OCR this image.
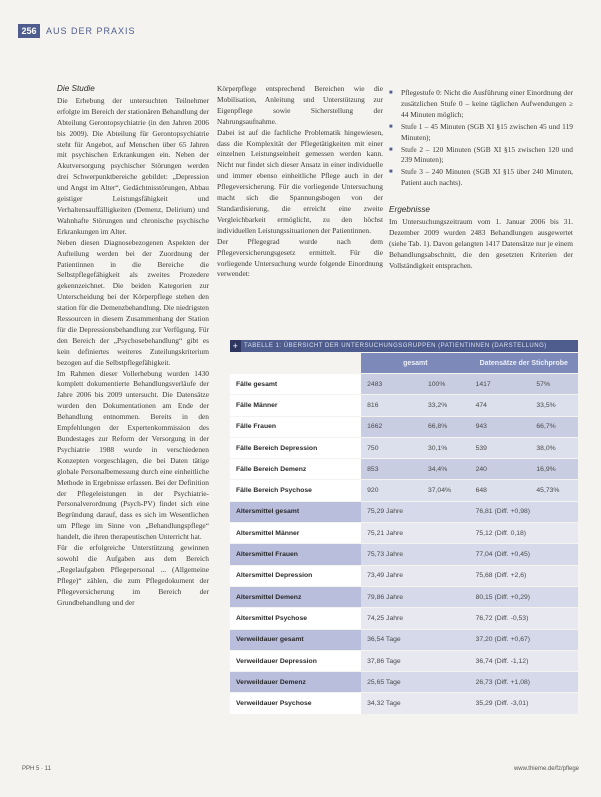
256	AUS DER PRAXIS
Die Studie

Die Erhebung der untersuchten Teilnehmer erfolgte im Bereich der stationären Behandlung der Abteilung Gerontopsychiatrie (in den Jahren 2006 bis 2009). Die Abteilung für Gerontopsychiatrie steht für Angebot, auf Menschen über 65 Jahren mit psychischen Erkrankungen ein. Neben der Akutversorgung psychischer Störungen werden drei Schwerpunktbereiche gebildet: „Depression und Angst im Alter“, Gedächtnisstörungen, Abbau geistiger Leistungsfähigkeit und Verhaltensauffälligkeiten (Demenz, Delirium) und Wahnhafte Störungen und chronische psychische Erkrankungen im Alter.

Neben diesen Diagnosebezogenen Aspekten der Aufteilung werden bei der Zuordnung der Patientinnen in die Bereiche die Selbstpflegefähigkeit als zweites Prozedere gekennzeichnet. Die beiden Kategorien zur Unterscheidung bei der Körperpflege stehen den station für die Demenzbehandlung. Die niedrigsten Ressourcen in diesem Zusammenhang der Station für die Depressionsbehandlung zur Verfügung. Für den Bereich der „Psychosebehandlung“ gibt es kein definiertes weiteres Zuteilungskriterium bezogen auf die Selbstpflegefähigkeit.

Im Rahmen dieser Vollerhebung wurden 1430 komplett dokumentierte Behandlungsverläufe der Jahre 2006 bis 2009 untersucht. Die Datensätze wurden den Dokumentationen am Ende der Behandlung entnommen. Bereits in den Empfehlungen der Expertenkommission des Bundestages zur Reform der Versorgung in der Psychiatrie 1988 wurde in verschiedenen Konzepten vorgeschlagen, die bei Daten tätige globale Personalbemessung durch eine einheitliche Methode in Ergebnisse erfassen. Bei der Definition der Pflegeleistungen in der Psychiatrie-Personalverordnung (Psych-PV) findet sich eine Begründung darauf, dass es sich im Wesentlichen um Pflege im Sinne von „Behandlungspflege“ handelt, die ihren therapeutischen Unterricht hat.

Für die erfolgreiche Unterstützung gewinnen sowohl die Aufgaben aus dem Bereich „Regelaufgaben Pflegepersonal ... (Allgemeine Pflege)“ zählen, die zum Pflegedokument der Pflegeversicherung im Bereich der Grundbehandlung und der

Körperpflege entsprechend Bereichen wie die Mobilisation, Anleitung und Unterstützung zur Eigenpflege sowie Sicherstellung der Nahrungsaufnahme.

Dabei ist auf die fachliche Problematik hingewiesen, dass die Komplexität der Pflegetätigkeiten mit einer einzelnen Leistungseinheit gemessen werden kann. Nicht nur findet sich dieser Ansatz in einer individuelle und immer ebenso einheitliche Pflege auch in der Pflegeversicherung. Für die vorliegende Untersuchung macht sich die Spannungsbogen von der Standardisierung, die erreicht eine zweite Vergleichbarkeit ermöglicht, zu den höchst individuellen Leistungssituationen der Patientinnen.

Der Pflegegrad wurde nach dem Pflegeversicherungsgesetz ermittelt. Für die vorliegende Untersuchung wurde folgende Einordnung verwendet:

■ Pflegestufe 0: Nicht die Ausführung einer Einordnung der zusätzlichen Stufe 0 – keine täglichen Aufwendungen ≥ 44 Minuten möglich;
■ Stufe 1 – 45 Minuten (SGB XI §15 zwischen 45 und 119 Minuten);
■ Stufe 2 – 120 Minuten (SGB XI §15 zwischen 120 und 239 Minuten);
■ Stufe 3 – 240 Minuten (SGB XI §15 über 240 Minuten, Patient auch nachts).
Ergebnisse

Im Untersuchungszeitraum vom 1. Januar 2006 bis 31. Dezember 2009 wurden 2483 Behandlungen ausgewertet (siehe Tab. 1). Davon gelangten 1417 Datensätze nur je einem Behandlungsabschnitt, die den gesetzten Kriterien der Vollständigkeit entsprachen.

+ TABELLE 1: ÜBERSICHT DER UNTERSUCHUNGSGRUPPEN (PATIENTINNEN (DARSTELLUNG)
	gesamt		Datensätze der Stichprobe	
Fälle gesamt	2483	100%	1417	57%
Fälle Männer	816	33,2%	474	33,5%
Fälle Frauen	1662	66,8%	943	66,7%
Fälle Bereich Depression	750	30,1%	539	38,0%
Fälle Bereich Demenz	853	34,4%	240	16,9%
Fälle Bereich Psychose	920	37,04%	648	45,73%
Altersmittel gesamt	75,29 Jahre		76,81 (Diff. +0,98)	
Altersmittel Männer	75,21 Jahre		75,12 (Diff. 0,18)	
Altersmittel Frauen	75,73 Jahre		77,04 (Diff. +0,45)	
Altersmittel Depression	73,49 Jahre		75,68 (Diff. +2,6)	
Altersmittel Demenz	79,86 Jahre		80,15 (Diff. +0,29)	
Altersmittel Psychose	74,25 Jahre		76,72 (Diff. -0,53)	
Verweildauer gesamt	36,54 Tage		37,20 (Diff. +0,67)	
Verweildauer Depression	37,86 Tage		36,74 (Diff. -1,12)	
Verweildauer Demenz	25,65 Tage		26,73 (Diff. +1,08)	
Verweildauer Psychose	34,32 Tage		35,29 (Diff. -3,01)	
PPH 5 · 11	www.thieme.de/fz/pflege
